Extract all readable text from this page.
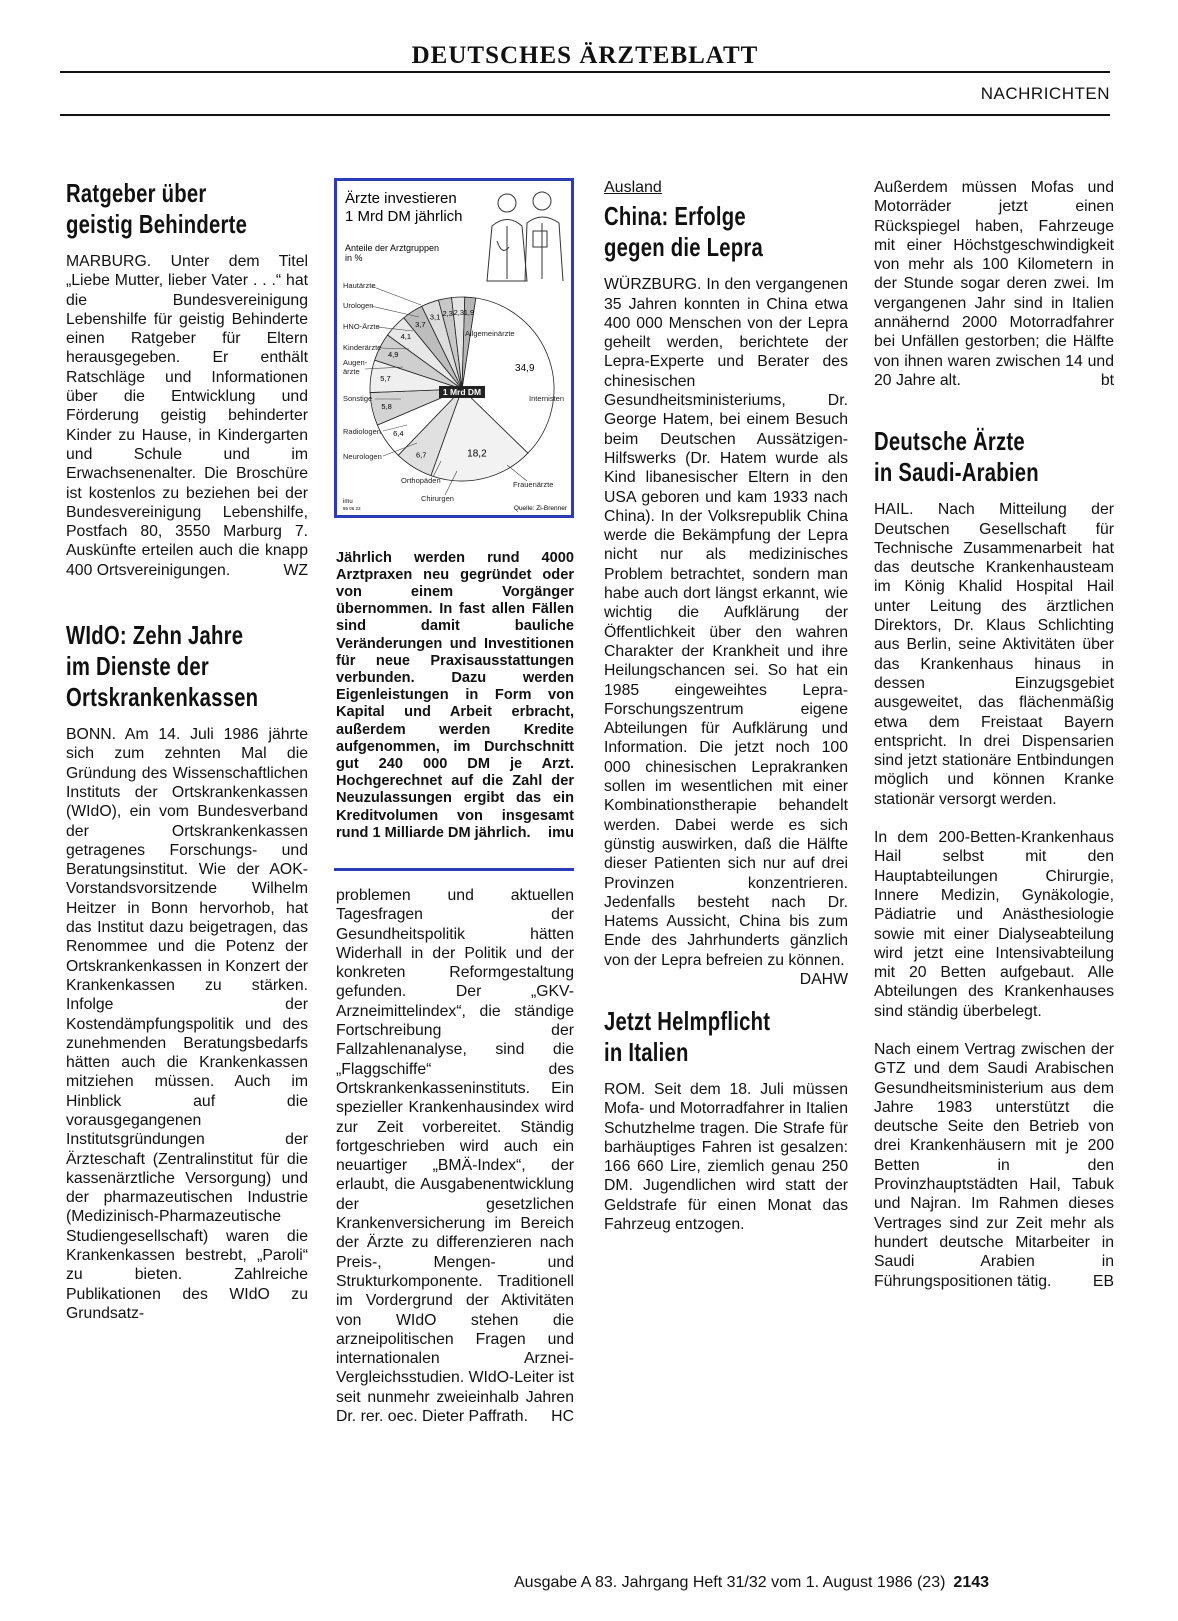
DEUTSCHES ÄRZTEBLATT
NACHRICHTEN
Ratgeber über
geistig Behinderte

MARBURG. Unter dem Titel „Liebe Mutter, lieber Vater . . .“ hat die Bundesvereinigung Lebenshilfe für geistig Behinderte einen Ratgeber für Eltern herausgegeben. Er enthält Ratschläge und Informationen über die Entwicklung und Förderung geistig behinderter Kinder zu Hause, in Kindergarten und Schule und im Erwachsenenalter. Die Broschüre ist kostenlos zu beziehen bei der Bundesvereinigung Lebenshilfe, Postfach 80, 3550 Marburg 7. Auskünfte erteilen auch die knapp 400 Ortsvereinigungen.	WZ

WIdO: Zehn Jahre
im Dienste der
Ortskrankenkassen

BONN. Am 14. Juli 1986 jährte sich zum zehnten Mal die Gründung des Wissenschaftlichen Instituts der Ortskrankenkassen (WIdO), ein vom Bundesverband der Ortskrankenkassen getragenes Forschungs- und Beratungsinstitut. Wie der AOK-Vorstandsvorsitzende Wilhelm Heitzer in Bonn hervorhob, hat das Institut dazu beigetragen, das Renommee und die Potenz der Ortskrankenkassen in Konzert der Krankenkassen zu stärken. Infolge der Kostendämpfungspolitik und des zunehmenden Beratungsbedarfs hätten auch die Krankenkassen mitziehen müssen. Auch im Hinblick auf die vorausgegangenen Institutsgründungen der Ärzteschaft (Zentralinstitut für die kassenärztliche Versorgung) und der pharmazeutischen Industrie (Medizinisch-Pharmazeutische Studiengesellschaft) waren die Krankenkassen bestrebt, „Paroli“ zu bieten. Zahlreiche Publikationen des WIdO zu Grundsatz-

Ärzte investieren
1 Mrd DM jährlich
Anteile der Arztgruppen
in %
34,9
18,2
6,7
6,4
5,8
5,7
4,9
4,1
3,7
3,1 2,3 2,3 1,9
1 Mrd DM
Hautärzte
Urologen
HNO-Ärzte
Kinderärzte
Augen-
ärzte
Sonstige
Radiologen
Neurologen
Orthopäden
Chirurgen
Frauenärzte
Internisten
Allgemeinärzte
imu
86 06 23	Quelle: Zi-Brenner

Jährlich werden rund 4000 Arztpraxen neu gegründet oder von einem Vorgänger übernommen. In fast allen Fällen sind damit bauliche Veränderungen und Investitionen für neue Praxisausstattungen verbunden. Dazu werden Eigenleistungen in Form von Kapital und Arbeit erbracht, außerdem werden Kredite aufgenommen, im Durchschnitt gut 240 000 DM je Arzt. Hochgerechnet auf die Zahl der Neuzulassungen ergibt das ein Kreditvolumen von insgesamt rund 1 Milliarde DM jährlich. imu

problemen und aktuellen Tagesfragen der Gesundheitspolitik hätten Widerhall in der Politik und der konkreten Reformgestaltung gefunden. Der „GKV-Arzneimittelindex“, die ständige Fortschreibung der Fallzahlenanalyse, sind die „Flaggschiffe“ des Ortskrankenkasseninstituts. Ein spezieller Krankenhausindex wird zur Zeit vorbereitet. Ständig fortgeschrieben wird auch ein neuartiger „BMÄ-Index“, der erlaubt, die Ausgabenentwicklung der gesetzlichen Krankenversicherung im Bereich der Ärzte zu differenzieren nach Preis-, Mengen- und Strukturkomponente. Traditionell im Vordergrund der Aktivitäten von WIdO stehen die arzneipolitischen Fragen und internationalen Arznei-Vergleichsstudien. WIdO-Leiter ist seit nunmehr zweieinhalb Jahren Dr. rer. oec. Dieter Paffrath. HC

Ausland
China: Erfolge
gegen die Lepra

WÜRZBURG. In den vergangenen 35 Jahren konnten in China etwa 400 000 Menschen von der Lepra geheilt werden, berichtete der Lepra-Experte und Berater des chinesischen Gesundheitsministeriums, Dr. George Hatem, bei einem Besuch beim Deutschen Aussätzigen-Hilfswerks (Dr. Hatem wurde als Kind libanesischer Eltern in den USA geboren und kam 1933 nach China). In der Volksrepublik China werde die Bekämpfung der Lepra nicht nur als medizinisches Problem betrachtet, sondern man habe auch dort längst erkannt, wie wichtig die Aufklärung der Öffentlichkeit über den wahren Charakter der Krankheit und ihre Heilungschancen sei. So hat ein 1985 eingeweihtes Lepra-Forschungszentrum eigene Abteilungen für Aufklärung und Information. Die jetzt noch 100 000 chinesischen Leprakranken sollen im wesentlichen mit einer Kombinationstherapie behandelt werden. Dabei werde es sich günstig auswirken, daß die Hälfte dieser Patienten sich nur auf drei Provinzen konzentrieren. Jedenfalls besteht nach Dr. Hatems Aussicht, China bis zum Ende des Jahrhunderts gänzlich von der Lepra befreien zu können.
DAHW

Jetzt Helmpflicht
in Italien

ROM. Seit dem 18. Juli müssen Mofa- und Motorradfahrer in Italien Schutzhelme tragen. Die Strafe für barhäuptiges Fahren ist gesalzen: 166 660 Lire, ziemlich genau 250 DM. Jugendlichen wird statt der Geldstrafe für einen Monat das Fahrzeug entzogen.

Außerdem müssen Mofas und Motorräder jetzt einen Rückspiegel haben, Fahrzeuge mit einer Höchstgeschwindigkeit von mehr als 100 Kilometern in der Stunde sogar deren zwei. Im vergangenen Jahr sind in Italien annähernd 2000 Motorradfahrer bei Unfällen gestorben; die Hälfte von ihnen waren zwischen 14 und 20 Jahre alt.	bt

Deutsche Ärzte
in Saudi-Arabien

HAIL. Nach Mitteilung der Deutschen Gesellschaft für Technische Zusammenarbeit hat das deutsche Krankenhausteam im König Khalid Hospital Hail unter Leitung des ärztlichen Direktors, Dr. Klaus Schlichting aus Berlin, seine Aktivitäten über das Krankenhaus hinaus in dessen Einzugsgebiet ausgeweitet, das flächenmäßig etwa dem Freistaat Bayern entspricht. In drei Dispensarien sind jetzt stationäre Entbindungen möglich und können Kranke stationär versorgt werden.

In dem 200-Betten-Krankenhaus Hail selbst mit den Hauptabteilungen Chirurgie, Innere Medizin, Gynäkologie, Pädiatrie und Anästhesiologie sowie mit einer Dialyseabteilung wird jetzt eine Intensivabteilung mit 20 Betten aufgebaut. Alle Abteilungen des Krankenhauses sind ständig überbelegt.

Nach einem Vertrag zwischen der GTZ und dem Saudi Arabischen Gesundheitsministerium aus dem Jahre 1983 unterstützt die deutsche Seite den Betrieb von drei Krankenhäusern mit je 200 Betten in den Provinzhauptstädten Hail, Tabuk und Najran. Im Rahmen dieses Vertrages sind zur Zeit mehr als hundert deutsche Mitarbeiter in Saudi Arabien in Führungspositionen tätig.	EB

Ausgabe A 83. Jahrgang Heft 31/32 vom 1. August 1986 (23) 2143
